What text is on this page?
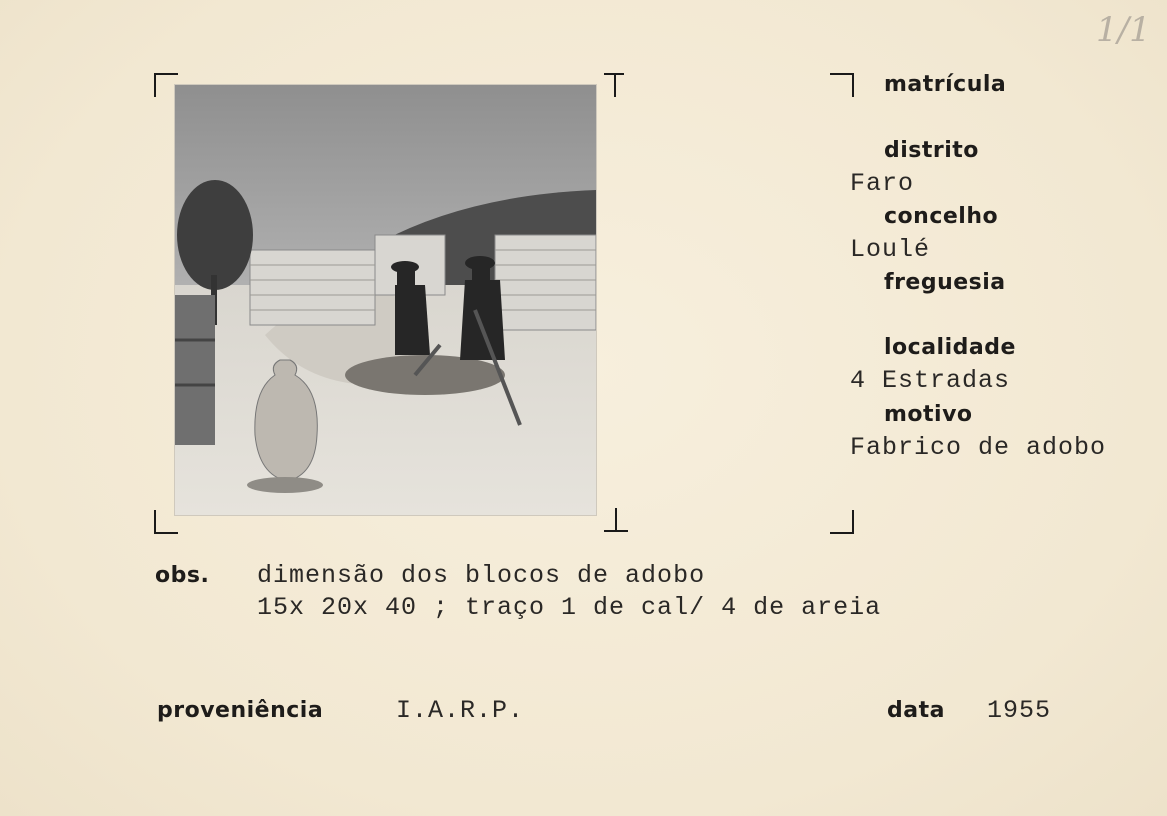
1/1
matrícula
distrito
Faro
concelho
Loulé
freguesia
localidade
4 Estradas
motivo
Fabrico de adobo
obs. dimensão dos blocos de adobo
15x 20x 40 ; traço 1 de cal/ 4 de areia
proveniência	I.A.R.P.	data 1955
